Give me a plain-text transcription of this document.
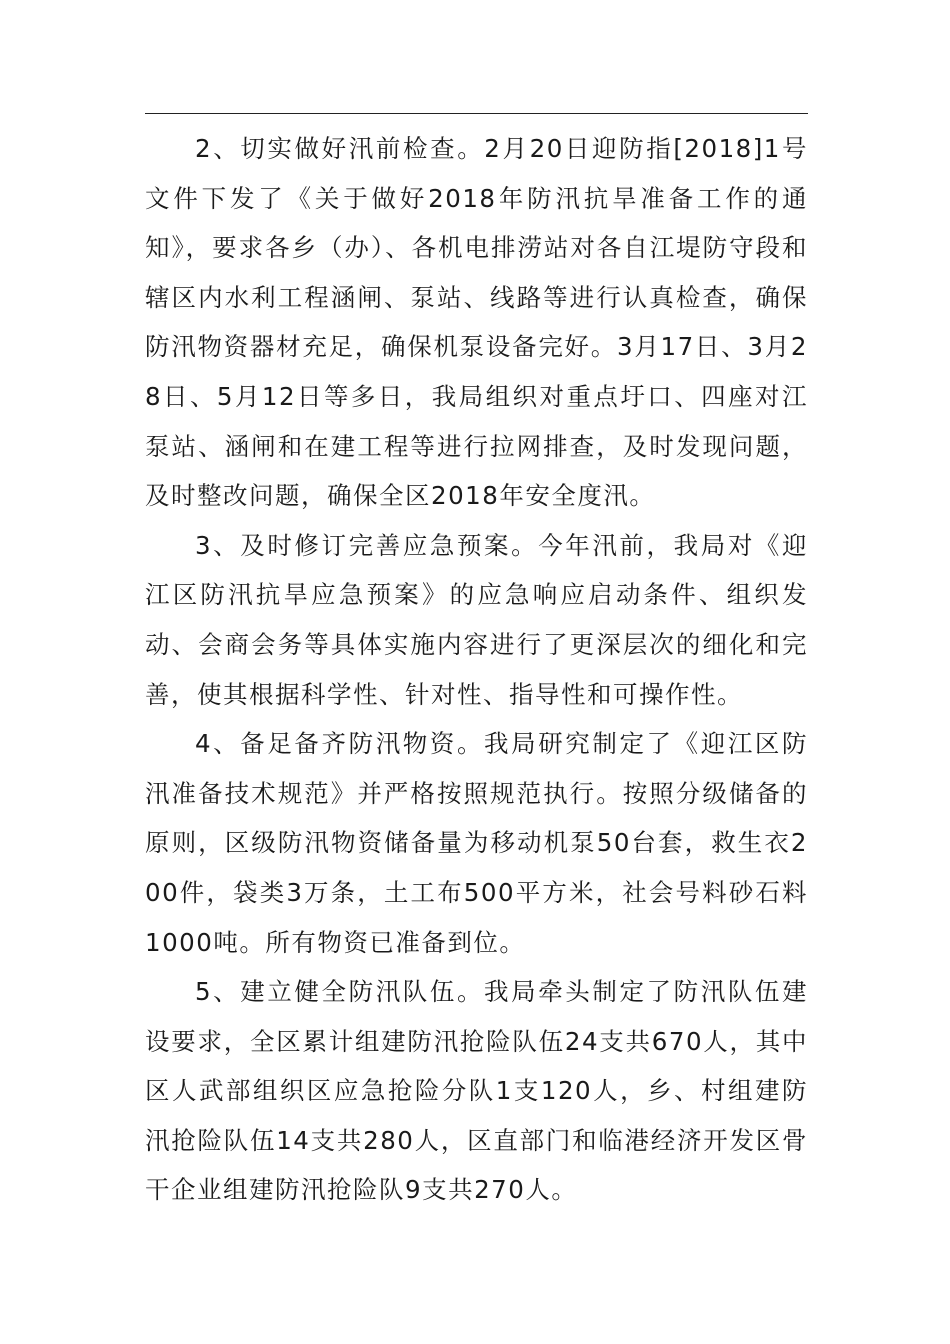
2、切实做好汛前检查。2月20日迎防指[2018]1号文件下发了《关于做好2018年防汛抗旱准备工作的通知》，要求各乡（办）、各机电排涝站对各自江堤防守段和辖区内水利工程涵闸、泵站、线路等进行认真检查，确保防汛物资器材充足，确保机泵设备完好。3月17日、3月28日、5月12日等多日，我局组织对重点圩口、四座对江泵站、涵闸和在建工程等进行拉网排查，及时发现问题，及时整改问题，确保全区2018年安全度汛。

3、及时修订完善应急预案。今年汛前，我局对《迎江区防汛抗旱应急预案》的应急响应启动条件、组织发动、会商会务等具体实施内容进行了更深层次的细化和完善，使其根据科学性、针对性、指导性和可操作性。

4、备足备齐防汛物资。我局研究制定了《迎江区防汛准备技术规范》并严格按照规范执行。按照分级储备的原则，区级防汛物资储备量为移动机泵50台套，救生衣200件，袋类3万条，土工布500平方米，社会号料砂石料1000吨。所有物资已准备到位。

5、建立健全防汛队伍。我局牵头制定了防汛队伍建设要求，全区累计组建防汛抢险队伍24支共670人，其中区人武部组织区应急抢险分队1支120人，乡、村组建防汛抢险队伍14支共280人，区直部门和临港经济开发区骨干企业组建防汛抢险队9支共270人。
